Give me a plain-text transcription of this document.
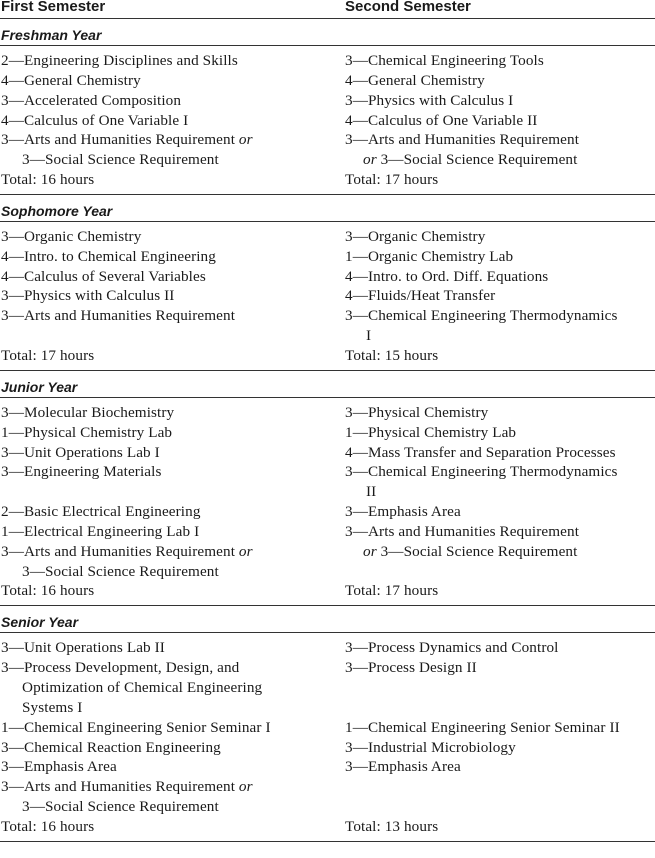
First Semester	Second Semester
Freshman Year
2—Engineering Disciplines and Skills
4—General Chemistry
3—Accelerated Composition
4—Calculus of One Variable I
3—Arts and Humanities Requirement or
3—Social Science Requirement
Total: 16 hours
3—Chemical Engineering Tools
4—General Chemistry
3—Physics with Calculus I
4—Calculus of One Variable II
3—Arts and Humanities Requirement
or 3—Social Science Requirement
Total: 17 hours
Sophomore Year
3—Organic Chemistry
4—Intro. to Chemical Engineering
4—Calculus of Several Variables
3—Physics with Calculus II
3—Arts and Humanities Requirement
Total: 17 hours
3—Organic Chemistry
1—Organic Chemistry Lab
4—Intro. to Ord. Diff. Equations
4—Fluids/Heat Transfer
3—Chemical Engineering Thermodynamics
I
Total: 15 hours
Junior Year
3—Molecular Biochemistry
1—Physical Chemistry Lab
3—Unit Operations Lab I
3—Engineering Materials
2—Basic Electrical Engineering
1—Electrical Engineering Lab I
3—Arts and Humanities Requirement or
3—Social Science Requirement
Total: 16 hours
3—Physical Chemistry
1—Physical Chemistry Lab
4—Mass Transfer and Separation Processes
3—Chemical Engineering Thermodynamics
II
3—Emphasis Area
3—Arts and Humanities Requirement
or 3—Social Science Requirement
Total: 17 hours
Senior Year
3—Unit Operations Lab II
3—Process Development, Design, and
Optimization of Chemical Engineering
Systems I
1—Chemical Engineering Senior Seminar I
3—Chemical Reaction Engineering
3—Emphasis Area
3—Arts and Humanities Requirement or
3—Social Science Requirement
Total: 16 hours
3—Process Dynamics and Control
3—Process Design II
1—Chemical Engineering Senior Seminar II
3—Industrial Microbiology
3—Emphasis Area
Total: 13 hours
